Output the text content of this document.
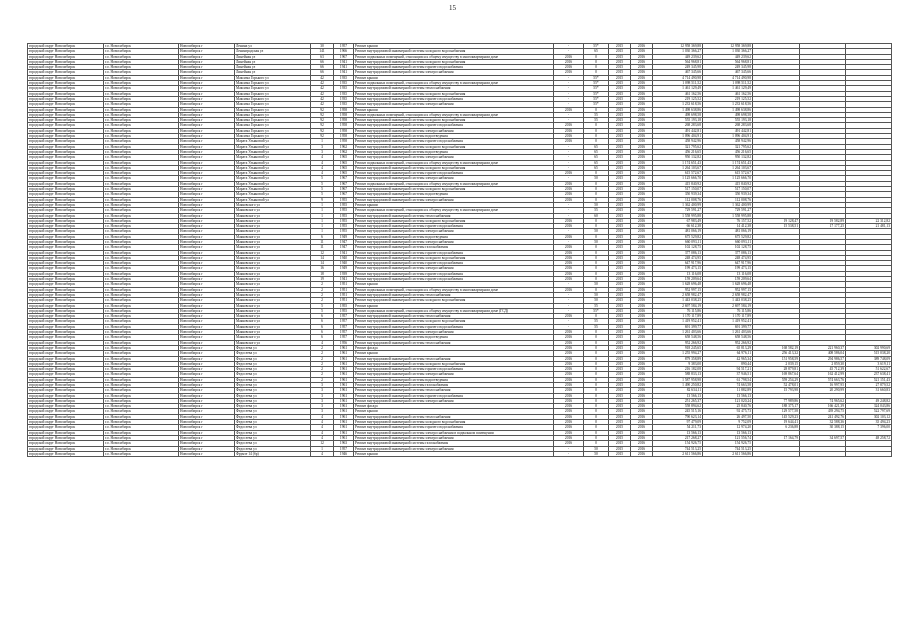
15
городской округ Новосибирск	г.о. Новосибирск	Новосибирск г	Ленина ул	30	1957	Ремонт крыши	-	55*	2015	2016	12 958 369,88	12 958 369,88			
городской округ Новосибирск	г.о. Новосибирск	Новосибирск г	Ленинградская ул	141	1966	Ремонт внутридомовой инженерной системы холодного водоснабжения	-	65	2015	2016	1 030 366,27	1 030 366,27			
городской округ Новосибирск	г.о. Новосибирск	Новосибирск г	Линейная ул	63	1967	Ремонт подвальных помещений, относящихся к общему имуществу в многоквартирном доме	2016	0	2015	2016	449 239,62	449 239,62			
городской округ Новосибирск	г.о. Новосибирск	Новосибирск г	Линейная ул	66	1941	Ремонт внутридомовой инженерной системы холодного водоснабжения	2016	0	2015	2016	564 968,81	564 968,81			
городской округ Новосибирск	г.о. Новосибирск	Новосибирск г	Линейная ул	66	1941	Ремонт внутридомовой инженерной системы горячего водоснабжения	2016	0	2015	2016	249 345,98	249 345,98			
городской округ Новосибирск	г.о. Новосибирск	Новосибирск г	Линейная ул	66	1941	Ремонт внутридомовой инженерной системы электроснабжения	2016	0	2015	2016	467 345,66	467 345,66			
городской округ Новосибирск	г.о. Новосибирск	Новосибирск г	Максима Горького ул	42	1935	Ремонт крыши	-	55*	2015	2016	4 714 490,98	4 714 490,98			
городской округ Новосибирск	г.о. Новосибирск	Новосибирск г	Максима Горького ул	42	1935	Ремонт подвальных помещений, относящихся к общему имуществу в многоквартирном доме	-	55*	2015	2016	1 098 511,52	1 098 511,52			
городской округ Новосибирск	г.о. Новосибирск	Новосибирск г	Максима Горького ул	42	1935	Ремонт внутридомовой инженерной системы теплоснабжения	-	55*	2015	2016	1 461 129,49	1 461 129,49			
городской округ Новосибирск	г.о. Новосибирск	Новосибирск г	Максима Горького ул	42	1935	Ремонт внутридомовой инженерной системы холодного водоснабжения	-	55*	2015	2016	461 162,56	461 162,56			
городской округ Новосибирск	г.о. Новосибирск	Новосибирск г	Максима Горького ул	42	1935	Ремонт внутридомовой инженерной системы горячего водоснабжения	-	55*	2015	2016	219 125,52	219 125,52			
городской округ Новосибирск	г.о. Новосибирск	Новосибирск г	Максима Горького ул	42	1935	Ремонт внутридомовой инженерной системы электроснабжения	-	55*	2015	2016	1 233 618,56	1 233 618,56			
городской округ Новосибирск	г.о. Новосибирск	Новосибирск г	Максима Горького ул	92	1958	Ремонт крыши	2016	0	2015	2016	1 498 638,86	1 498 638,86			
городской округ Новосибирск	г.о. Новосибирск	Новосибирск г	Максима Горького ул	92	1958	Ремонт подвальных помещений, относящихся к общему имуществу в многоквартирном доме	-	55	2015	2016	498 698,58	498 698,58			
городской округ Новосибирск	г.о. Новосибирск	Новосибирск г	Максима Горького ул	92	1958	Ремонт внутридомовой инженерной системы холодного водоснабжения	-	55	2015	2016	555 193,18	555 193,18			
городской округ Новосибирск	г.о. Новосибирск	Новосибирск г	Максима Горького ул	92	1958	Ремонт внутридомовой инженерной системы горячего водоснабжения	2016	0	2015	2016	268 283,68	268 283,68			
городской округ Новосибирск	г.о. Новосибирск	Новосибирск г	Максима Горького ул	92	1958	Ремонт внутридомовой инженерной системы электроснабжения	2016	0	2015	2016	491 442,81	491 442,81			
городской округ Новосибирск	г.о. Новосибирск	Новосибирск г	Максима Горького ул	92	1958	Ремонт внутридомовой инженерной системы водоотведения	2016	0	2015	2016	1 096 404,91	1 096 404,91			
городской округ Новосибирск	г.о. Новосибирск	Новосибирск г	Марата Ульяновой ул	1	1958	Ремонт внутридомовой инженерной системы горячего водоснабжения	2016	0	2015	2016	458 942,96	458 942,96			
городской округ Новосибирск	г.о. Новосибирск	Новосибирск г	Марата Ульяновой ул	3	1962	Ремонт внутридомовой инженерной системы холодного водоснабжения	-	65	2015	2016	321 795,62	321 795,62			
городской округ Новосибирск	г.о. Новосибирск	Новосибирск г	Марата Ульяновой ул	3	1962	Ремонт внутридомовой инженерной системы водоотведения	-	65	2015	2016	456 216,65	456 216,65			
городской округ Новосибирск	г.о. Новосибирск	Новосибирск г	Марата Ульяновой ул	4	1965	Ремонт внутридомовой инженерной системы электроснабжения	-	65	2015	2016	950 132,82	950 132,82			
городской округ Новосибирск	г.о. Новосибирск	Новосибирск г	Марата Ульяновой ул	4	1965	Ремонт подвальных помещений, относящихся к общему имуществу в многоквартирном доме	-	65	2015	2016	1 174 651,43	1 174 651,43			
городской округ Новосибирск	г.о. Новосибирск	Новосибирск г	Марата Ульяновой ул	4	1965	Ремонт внутридомовой инженерной системы холодного водоснабжения	-	65	2015	2016	1 264 103,67	1 264 103,67			
городской округ Новосибирск	г.о. Новосибирск	Новосибирск г	Марата Ульяновой ул	4	1965	Ремонт внутридомовой инженерной системы горячего водоснабжения	2016	0	2015	2016	615 572,67	615 572,67			
городской округ Новосибирск	г.о. Новосибирск	Новосибирск г	Марата Ульяновой ул	5	1967	Ремонт внутридомовой инженерной системы электроснабжения	-	50	2015	2016	1 125 666,70	1 125 666,70			
городской округ Новосибирск	г.о. Новосибирск	Новосибирск г	Марата Ульяновой ул	5	1967	Ремонт подвальных помещений, относящихся к общему имуществу в многоквартирном доме	2016	0	2015	2016	415 840,92	415 840,92			
городской округ Новосибирск	г.о. Новосибирск	Новосибирск г	Марата Ульяновой ул	5	1967	Ремонт внутридомовой инженерной системы холодного водоснабжения	2016	0	2015	2016	517 150,07	517 150,07			
городской округ Новосибирск	г.о. Новосибирск	Новосибирск г	Марата Ульяновой ул	5	1967	Ремонт внутридомовой инженерной системы водоотведения	2016	0	2015	2016	350 939,34	350 939,34			
городской округ Новосибирск	г.о. Новосибирск	Новосибирск г	Марата Ульяновой ул	9	1955	Ремонт внутридомовой инженерной системы электроснабжения	2016	0	2015	2016	112 008,76	112 008,76			
городской округ Новосибирск	г.о. Новосибирск	Новосибирск г	Маяковского ул	1	1955	Ремонт крыши	-	50	2015	2016	1 362 400,99	1 362 400,99			
городской округ Новосибирск	г.о. Новосибирск	Новосибирск г	Маяковского ул	1	1955	Ремонт подвальных помещений, относящихся к общему имуществу в многоквартирном доме	-	55	2015	2016	729 591,27	729 591,27			
городской округ Новосибирск	г.о. Новосибирск	Новосибирск г	Маяковского ул	1	1955	Ремонт внутридомовой инженерной системы теплоснабжения	-	60	2015	2016	1 558 995,88	1 558 995,88			
городской округ Новосибирск	г.о. Новосибирск	Новосибирск г	Маяковского ул	1	1955	Ремонт внутридомовой инженерной системы холодного водоснабжения	2016	0	2015	2016	67 983,49	76 157,52	19 128,47	19 582,89	22 312,82
городской округ Новосибирск	г.о. Новосибирск	Новосибирск г	Маяковского ул	1	1955	Ремонт внутридомовой инженерной системы горячего водоснабжения	2016	0	2015	2016	66 612,38	14 412,38	15 538,51	17 177,25	21 481,13
городской округ Новосибирск	г.о. Новосибирск	Новосибирск г	Маяковского ул	1	1955	Ремонт внутридомовой инженерной системы электроснабжения	-	50	2015	2016	481 066,19	481 066,19			
городской округ Новосибирск	г.о. Новосибирск	Новосибирск г	Маяковского ул	6	1949	Ремонт внутридомовой инженерной системы водоотведения	2016	0	2015	2016	675 529,82	675 529,82			
городской округ Новосибирск	г.о. Новосибирск	Новосибирск г	Маяковского ул	11	1947	Ремонт внутридомовой инженерной системы электроснабжения	-	50	2015	2016	660 093,11	660 093,11			
городской округ Новосибирск	г.о. Новосибирск	Новосибирск г	Маяковского ул	11	1947	Ремонт внутридомовой инженерной системы газоснабжения	2016	0	2015	2016	102 128,75	102 128,75			
городской округ Новосибирск	г.о. Новосибирск	Новосибирск г	Маяковского ул	12	1941	Ремонт внутридомовой инженерной системы горячего водоснабжения	2016	0	2015	2016	377 086,13	377 086,13			
городской округ Новосибирск	г.о. Новосибирск	Новосибирск г	Маяковского ул	14	1940	Ремонт внутридомовой инженерной системы холодного водоснабжения	2016	0	2015	2016	248 474,95	248 474,95			
городской округ Новосибирск	г.о. Новосибирск	Новосибирск г	Маяковского ул	14	1940	Ремонт внутридомовой инженерной системы горячего водоснабжения	2016	0	2015	2016	647 917,96	647 917,96			
городской округ Новосибирск	г.о. Новосибирск	Новосибирск г	Маяковского ул	16	1949	Ремонт внутридомовой инженерной системы электроснабжения	2016	0	2015	2016	199 473,15	199 473,15			
городской округ Новосибирск	г.о. Новосибирск	Новосибирск г	Маяковского ул	18	1939	Ремонт внутридомовой инженерной системы горячего водоснабжения	2016	0	2015	2016	13 116,08	13 116,08			
городской округ Новосибирск	г.о. Новосибирск	Новосибирск г	Маяковского ул	19	1941	Ремонт внутридомовой инженерной системы горячего водоснабжения	2016	0	2015	2016	159 209,64	159 209,64			
городской округ Новосибирск	г.о. Новосибирск	Новосибирск г	Маяковского ул	2	1951	Ремонт крыши	-	50	2015	2016	1 628 696,48	1 628 696,48			
городской округ Новосибирск	г.о. Новосибирск	Новосибирск г	Маяковского ул	2	1951	Ремонт подвальных помещений, относящихся к общему имуществу в многоквартирном доме	2016	0	2015	2016	952 997,15	952 997,15			
городской округ Новосибирск	г.о. Новосибирск	Новосибирск г	Маяковского ул	2	1951	Ремонт внутридомовой инженерной системы теплоснабжения	-	50	2015	2016	2 658 982,47	2 658 982,47			
городской округ Новосибирск	г.о. Новосибирск	Новосибирск г	Маяковского ул	2	1951	Ремонт внутридомовой инженерной системы холодного водоснабжения	-	50	2015	2016	1 443 038,25	1 443 038,25			
городской округ Новосибирск	г.о. Новосибирск	Новосибирск г	Маяковского ул	5	1955	Ремонт крыши	-	55	2015	2016	2 697 584,19	2 697 584,19			
городской округ Новосибирск	г.о. Новосибирск	Новосибирск г	Маяковского ул	5	1955	Ремонт подвальных помещений, относящихся к общему имуществу в многоквартирном доме (ГСД)	-	55*	2015	2016	76 115,86	76 115,86			
городской округ Новосибирск	г.о. Новосибирск	Новосибирск г	Маяковского ул	6	1957	Ремонт внутридомовой инженерной системы теплоснабжения	2016	0	2015	2016	1 170 117,89	1 170 117,89			
городской округ Новосибирск	г.о. Новосибирск	Новосибирск г	Маяковского ул	6	1957	Ремонт внутридомовой инженерной системы холодного водоснабжения	-	55	2015	2016	1 419 952,41	1 419 952,41			
городской округ Новосибирск	г.о. Новосибирск	Новосибирск г	Маяковского ул	6	1957	Ремонт внутридомовой инженерной системы горячего водоснабжения	-	55	2015	2016	691 399,77	691 399,77			
городской округ Новосибирск	г.о. Новосибирск	Новосибирск г	Маяковского ул	6	1957	Ремонт внутридомовой инженерной системы электроснабжения	2016	0	2015	2016	1 261 403,66	1 261 403,66			
городской округ Новосибирск	г.о. Новосибирск	Новосибирск г	Маяковского ул	6	1957	Ремонт внутридомовой инженерной системы водоотведения	2016	0	2015	2016	658 548,56	658 548,56			
городской округ Новосибирск	г.о. Новосибирск	Новосибирск г	Маяковского ул	4	1956	Ремонт внутридомовой инженерной системы теплоснабжения	2016	0	2015	2016	952 266,92	952 266,92			
городской округ Новосибирск	г.о. Новосибирск	Новосибирск г	Федосеева ул	2	1961	Ремонт фасада	2016	0	2015	2016	918 245,65	65 813,29	168 582,19	221 960,37	302 990,69
городской округ Новосибирск	г.о. Новосибирск	Новосибирск г	Федосеева ул	2	1961	Ремонт крыши	2016	0	2015	2016	1 255 994,27	64 976,11	256 413,32	408 586,04	515 038,20
городской округ Новосибирск	г.о. Новосибирск	Новосибирск г	Федосеева ул	2	1961	Ремонт внутридомовой инженерной системы теплоснабжения	2016	0	2015	2016	879 358,89	42 965,34	151 958,59	294 986,57	389 748,09
городской округ Новосибирск	г.о. Новосибирск	Новосибирск г	Федосеева ул	2	1961	Ремонт внутридомовой инженерной системы холодного водоснабжения	2016	0	2015	2016	9 383,00	890,44	2 039,15	2 859,30	3 619,11
городской округ Новосибирск	г.о. Новосибирск	Новосибирск г	Федосеева ул	2	1961	Ремонт внутридомовой инженерной системы горячего водоснабжения	2016	0	2015	2016	216 182,08	94 517,21	28 879,81	45 712,39	51 622,67
городской округ Новосибирск	г.о. Новосибирск	Новосибирск г	Федосеева ул	2	1961	Ремонт внутридомовой инженерной системы электроснабжения	2016	0	2015	2016	588 833,13	37 946,51	169 867,64	162 412,99	237 638,41
городской округ Новосибирск	г.о. Новосибирск	Новосибирск г	Федосеева ул	2	1961	Ремонт внутридомовой инженерной системы водоотведения	2016	0	2015	2016	1 587 958,98	61 798,54	559 254,29	574 663,76	521 151,43
городской округ Новосибирск	г.о. Новосибирск	Новосибирск г	Федосеева ул	3	1961	Ремонт внутридомовой инженерной системы газоснабжения	2016	0	2015	2016	1 490 250,82	74 663,58	52 478,01	16 997,95	27 879,52
городской округ Новосибирск	г.о. Новосибирск	Новосибирск г	Федосеева ул	3	1961	Ремонт внутридомовой инженерной системы теплоснабжения	2016	0	2015	2016	82 634,11	11 882,89	15 793,98	20 290,99	31 660,83
городской округ Новосибирск	г.о. Новосибирск	Новосибирск г	Федосеева ул	3	1961	Ремонт внутридомовой инженерной системы горячего водоснабжения	2016	0	2015	2016	13 566,13	13 566,13			
городской округ Новосибирск	г.о. Новосибирск	Новосибирск г	Федосеева ул	3	1961	Ремонт внутридомовой инженерной системы электроснабжения	2016	0	2015	2016	251 265,37	121 020,24	77 989,86	74 965,62	49 248,82
городской округ Новосибирск	г.о. Новосибирск	Новосибирск г	Федосеева ул	3	1961	Ремонт фасада	2016	0	2015	2016	558 894,62	25 840,76	188 375,17	166 421,39	324 043,86
городской округ Новосибирск	г.о. Новосибирск	Новосибирск г	Федосеева ул	3	1961	Ремонт крыши	2016	0	2015	2016	245 515,16	92 475,73	129 577,58	439 294,75	522 797,69
городской округ Новосибирск	г.о. Новосибирск	Новосибирск г	Федосеева ул	4	1961	Ремонт внутридомовой инженерной системы теплоснабжения	2016	0	2015	2016	790 623,14	26 497,50	145 529,23	241 492,76	302 103,12
городской округ Новосибирск	г.о. Новосибирск	Новосибирск г	Федосеева ул	4	1961	Ремонт внутридомовой инженерной системы холодного водоснабжения	2016	0	2015	2016	97 479,09	9 752,09	19 644,41	32 588,36	35 494,23
городской округ Новосибирск	г.о. Новосибирск	Новосибирск г	Федосеева ул	4	1961	Ремонт внутридомовой инженерной системы горячего водоснабжения	2016	0	2015	2016	54 211,73	12 974,20	6 236,88	30 388,15	7 396,00
городской округ Новосибирск	г.о. Новосибирск	Новосибирск г	Федосеева ул	4	1961	Ремонт внутридомовой инженерной системы электроснабжения в подвальном помещении	2016	0	2015	2016	13 566,13	13 566,13			
городской округ Новосибирск	г.о. Новосибирск	Новосибирск г	Федосеева ул	4	1961	Ремонт внутридомовой инженерной системы электроснабжения	2016	0	2015	2016	217 268,27	121 556,74	17 164,79	34 697,57	48 258,72
городской округ Новосибирск	г.о. Новосибирск	Новосибирск г	Федосеева ул	12	1963	Ремонт внутридомовой инженерной системы газоснабжения	2016	0	2015	2016	154 926,75	154 926,75			
городской округ Новосибирск	г.о. Новосибирск	Новосибирск г	Федосеева ул	1	1957	Ремонт внутридомовой инженерной системы электроснабжения	-	50	2015	2016	744 513,25	744 513,25			
городской округ Новосибирск	г.о. Новосибирск	Новосибирск г	Фрунзе 14 (бр)	4	1946	Ремонт крыши	-	50	2015	2016	2 611 566,86	2 611 566,86			
